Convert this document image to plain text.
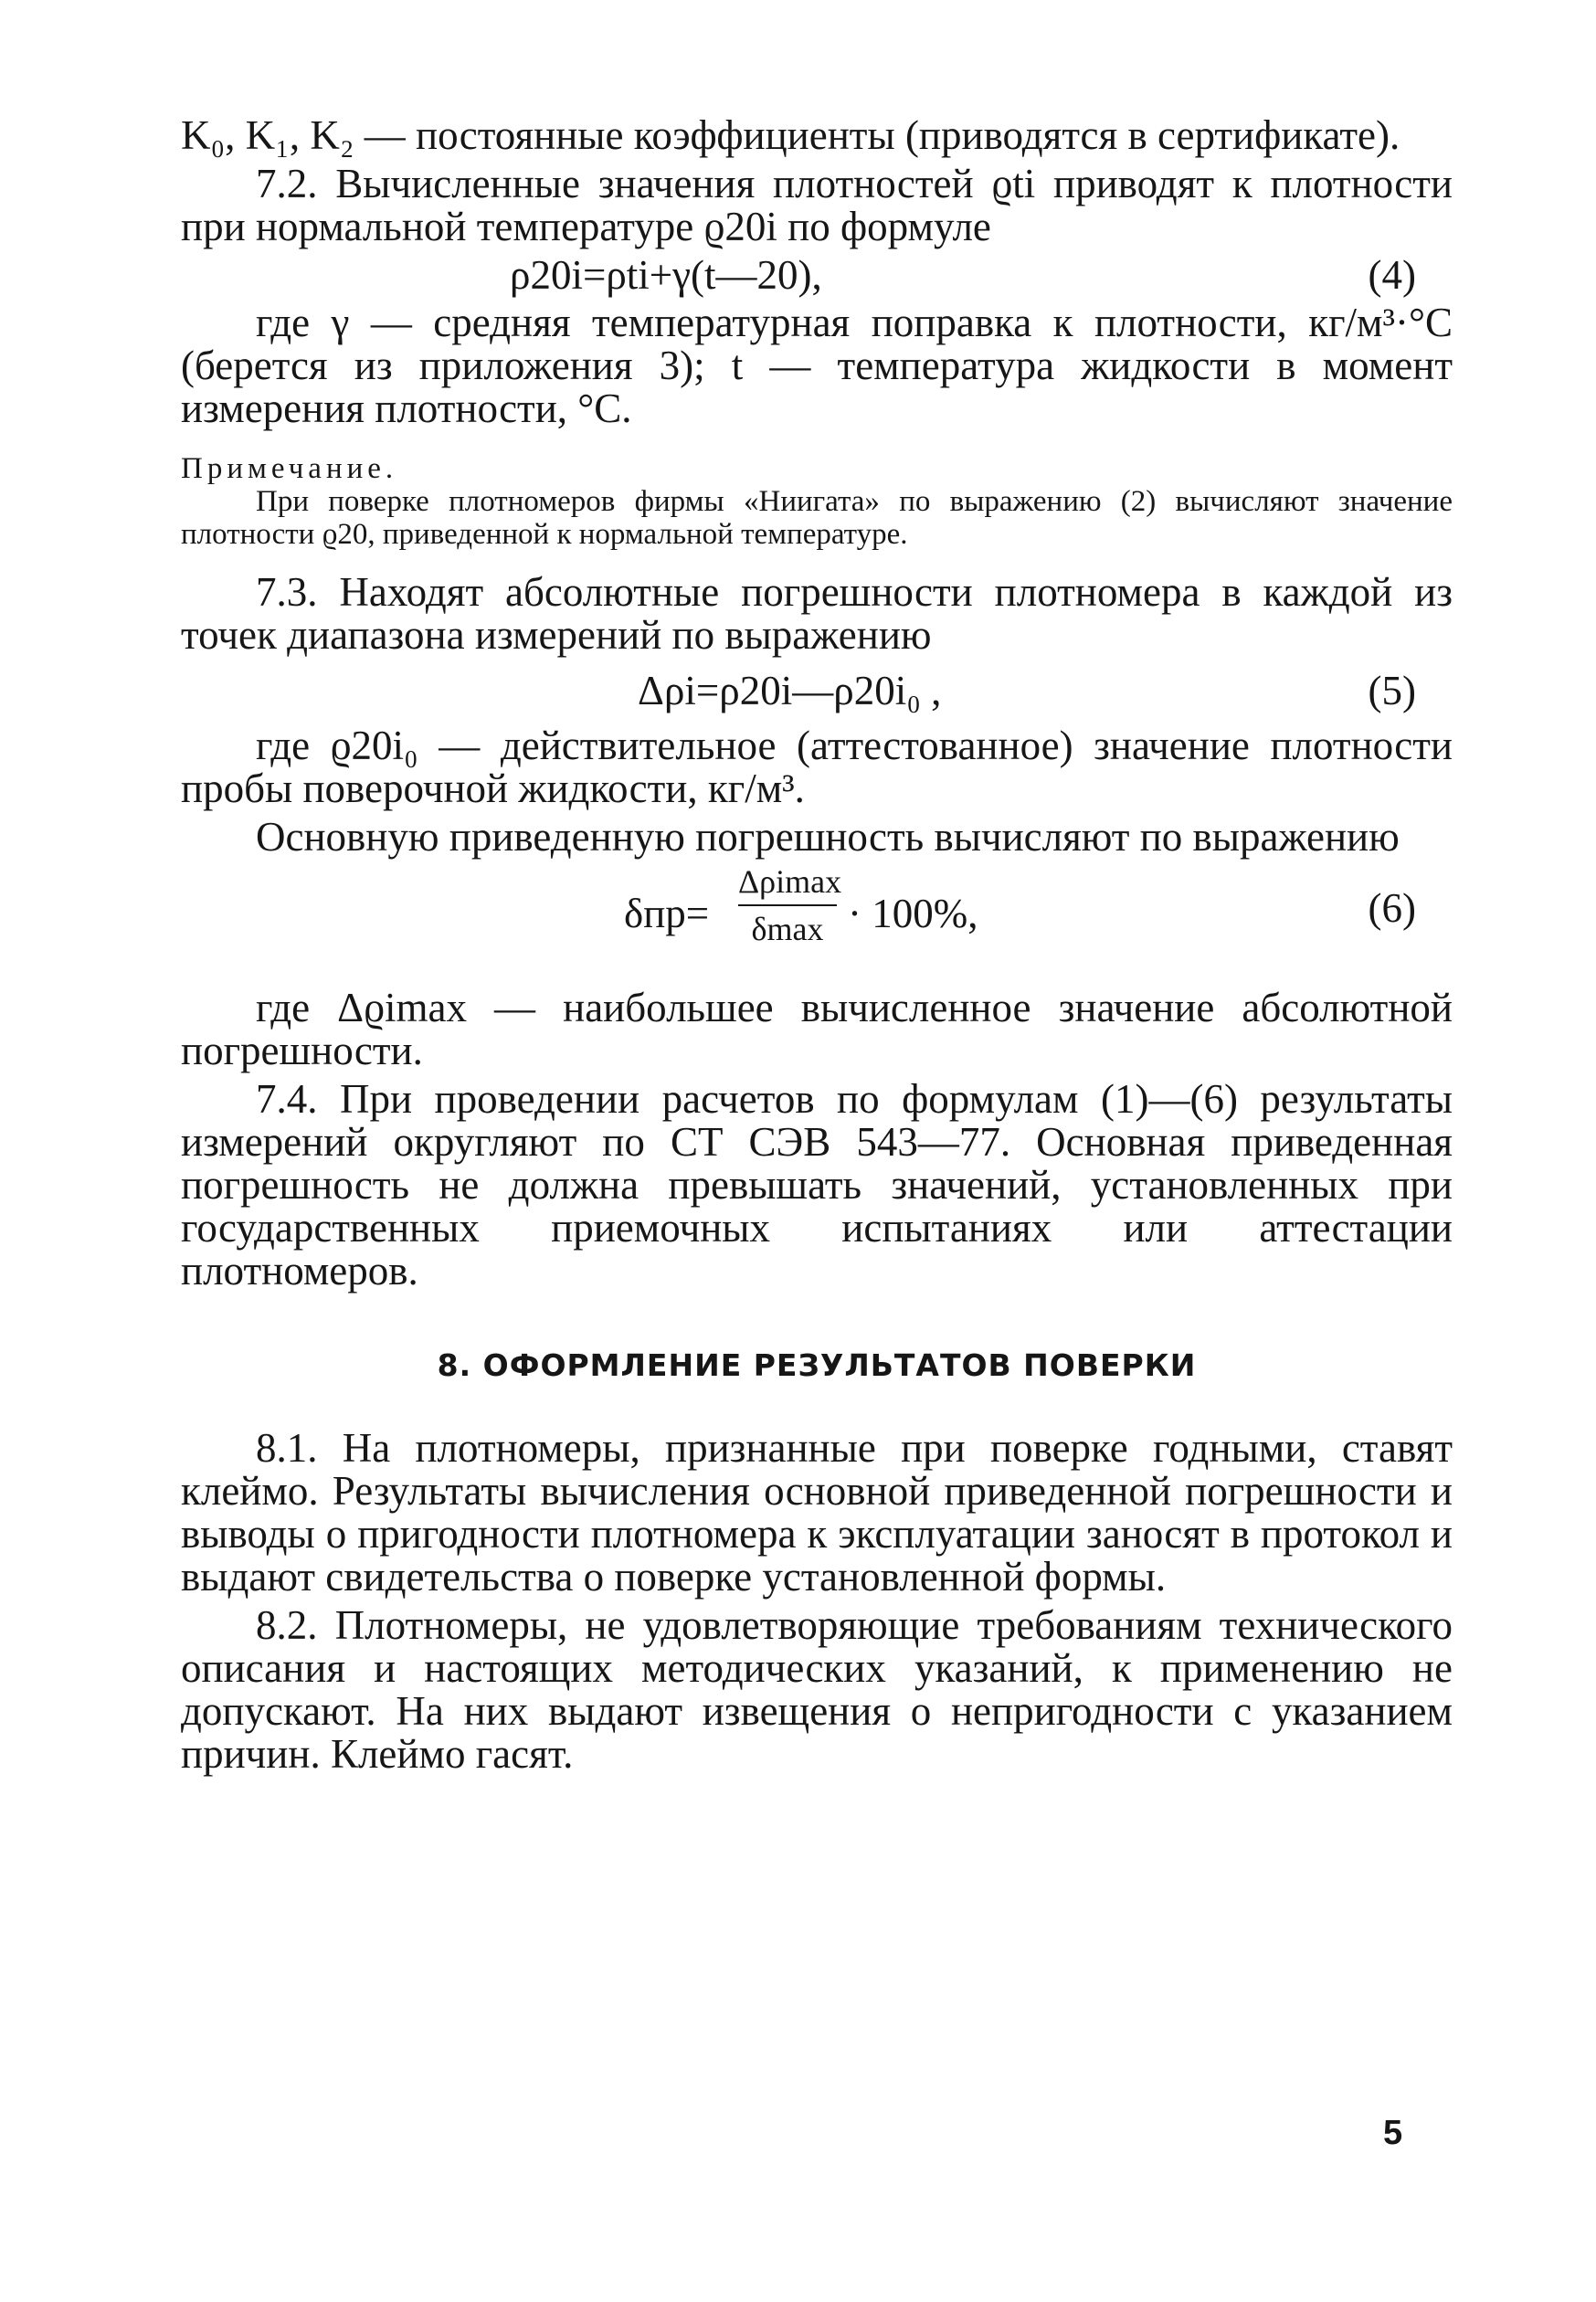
K₀, K₁, K₂ — постоянные коэффициенты (приводятся в сертификате).

7.2. Вычисленные значения плотностей ϱti приводят к плотности при нормальной температуре ϱ20i по формуле

ρ20i=ρti+γ(t—20),	(4)

где γ — средняя температурная поправка к плотности, кг/м³·°С (берется из приложения 3); t — температура жидкости в момент измерения плотности, °С.

Примечание.
При поверке плотномеров фирмы «Ниигата» по выражению (2) вычисляют значение плотности ϱ20, приведенной к нормальной температуре.

7.3. Находят абсолютные погрешности плотномера в каждой из точек диапазона измерений по выражению

Δρi=ρ20i—ρ20i₀ ,	(5)

где ϱ20i₀ — действительное (аттестованное) значение плотности пробы поверочной жидкости, кг/м³.

Основную приведенную погрешность вычисляют по выражению

δпр=
Δρimax
δmax · 100%,	(6)

где Δϱimax — наибольшее вычисленное значение абсолютной погрешности.

7.4. При проведении расчетов по формулам (1)—(6) результаты измерений округляют по СТ СЭВ 543—77. Основная приведенная погрешность не должна превышать значений, установленных при государственных приемочных испытаниях или аттестации плотномеров.

8. ОФОРМЛЕНИЕ РЕЗУЛЬТАТОВ ПОВЕРКИ

8.1. На плотномеры, признанные при поверке годными, ставят клеймо. Результаты вычисления основной приведенной погрешности и выводы о пригодности плотномера к эксплуатации заносят в протокол и выдают свидетельства о поверке установленной формы.

8.2. Плотномеры, не удовлетворяющие требованиям технического описания и настоящих методических указаний, к применению не допускают. На них выдают извещения о непригодности с указанием причин. Клеймо гасят.

5
